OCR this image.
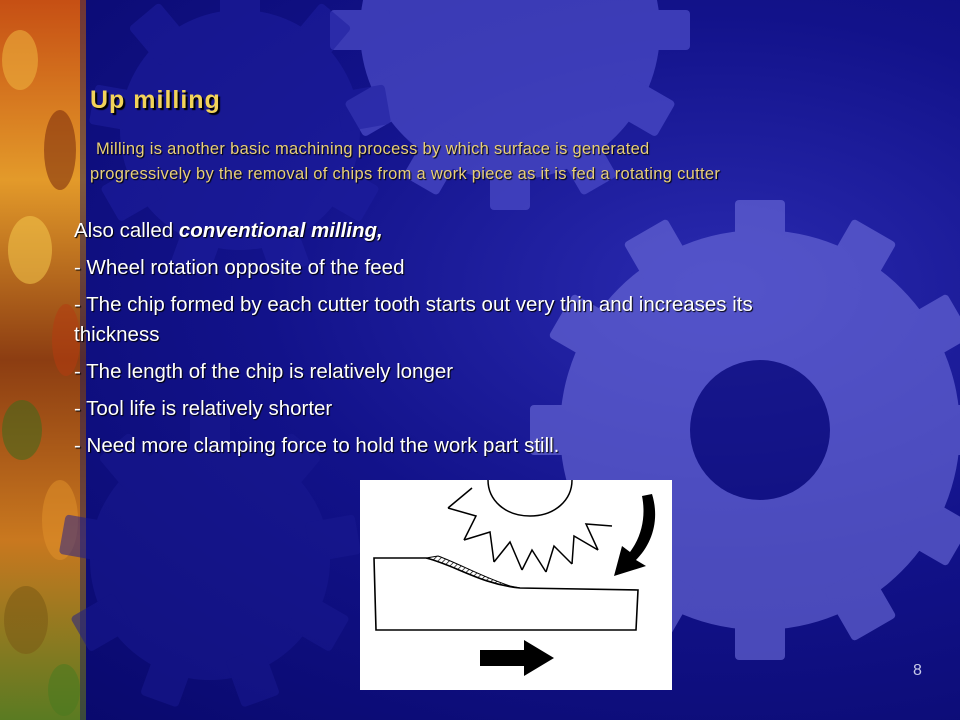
Up milling
Milling is another basic machining process by which surface is generated
progressively by the removal of chips from a work piece as it is fed a rotating cutter

Also called conventional milling,

- Wheel rotation opposite of the feed

- The chip formed by each cutter tooth starts out very thin and increases its thickness

- The length of the chip is relatively longer

- Tool life is relatively shorter

- Need more clamping force to hold the work part still.

8
